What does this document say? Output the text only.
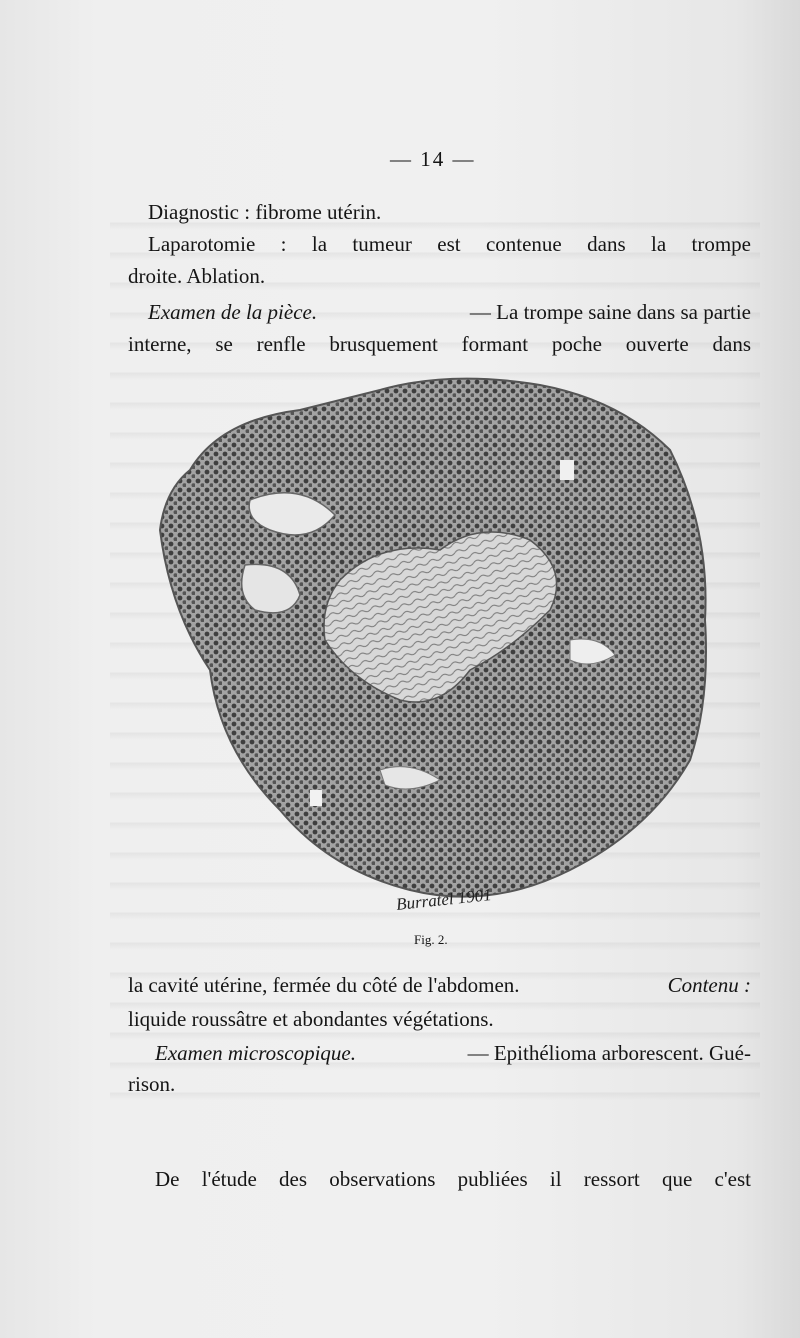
— 14 —
Diagnostic : fibrome utérin.
Laparotomie : la tumeur est contenue dans la trompe
droite. Ablation.
Examen de la pièce.	— La trompe saine dans sa partie
interne, se renfle brusquement formant poche ouverte dans
Burratel 1901
Fig. 2.
la cavité utérine, fermée du côté de l'abdomen.	Contenu :
liquide roussâtre et abondantes végétations.
Examen microscopique.	— Epithélioma arborescent. Gué-
rison.
De l'étude des observations publiées il ressort que c'est
